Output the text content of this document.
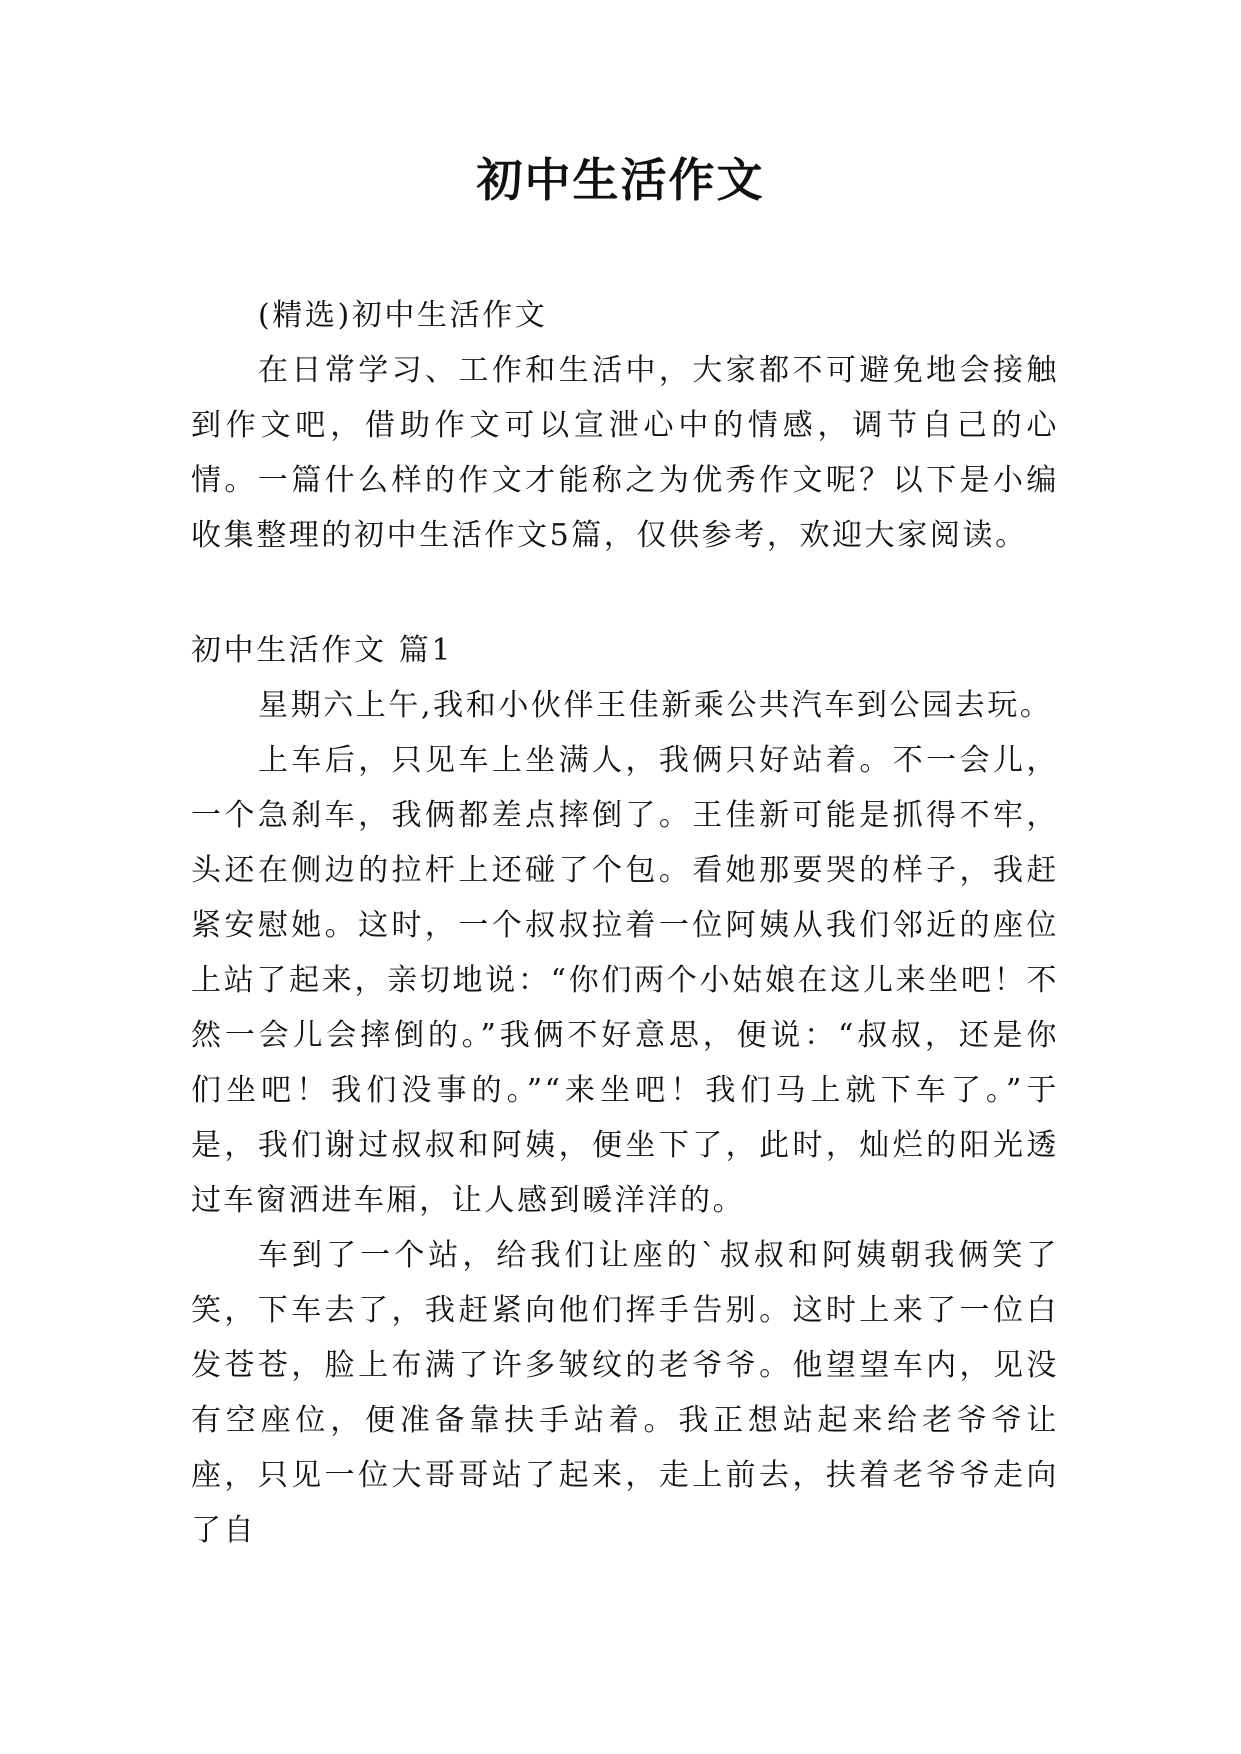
初中生活作文

(精选)初中生活作文

在日常学习、工作和生活中，大家都不可避免地会接触到作文吧，借助作文可以宣泄心中的情感，调节自己的心情。一篇什么样的作文才能称之为优秀作文呢？以下是小编收集整理的初中生活作文5篇，仅供参考，欢迎大家阅读。

初中生活作文 篇1

星期六上午,我和小伙伴王佳新乘公共汽车到公园去玩。

上车后，只见车上坐满人，我俩只好站着。不一会儿，一个急刹车，我俩都差点摔倒了。王佳新可能是抓得不牢，头还在侧边的拉杆上还碰了个包。看她那要哭的样子，我赶紧安慰她。这时，一个叔叔拉着一位阿姨从我们邻近的座位上站了起来，亲切地说：“你们两个小姑娘在这儿来坐吧！不然一会儿会摔倒的。”我俩不好意思，便说：“叔叔，还是你们坐吧！我们没事的。”“来坐吧！我们马上就下车了。”于是，我们谢过叔叔和阿姨，便坐下了，此时，灿烂的阳光透过车窗洒进车厢，让人感到暖洋洋的。

车到了一个站，给我们让座的`叔叔和阿姨朝我俩笑了笑，下车去了，我赶紧向他们挥手告别。这时上来了一位白发苍苍，脸上布满了许多皱纹的老爷爷。他望望车内，见没有空座位，便准备靠扶手站着。我正想站起来给老爷爷让座，只见一位大哥哥站了起来，走上前去，扶着老爷爷走向了自
